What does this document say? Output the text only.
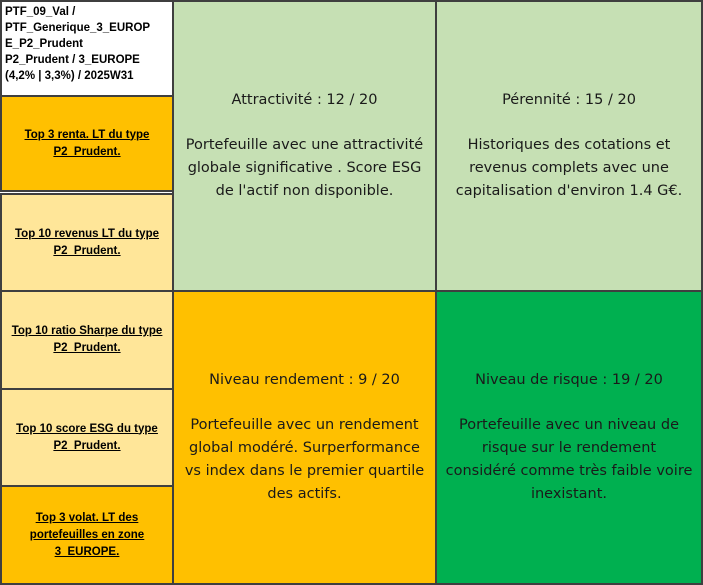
PTF_09_Val /
PTF_Generique_3_EUROP
E_P2_Prudent
P2_Prudent / 3_EUROPE
(4,2% | 3,3%) / 2025W31
Top 3 renta. LT du type P2_Prudent.
Top 10 revenus LT du type P2_Prudent.
Top 10 ratio Sharpe du type P2_Prudent.
Top 10 score ESG du type P2_Prudent.
Top 3 volat. LT des portefeuilles en zone 3_EUROPE.
Attractivité : 12 / 20
Portefeuille avec une attractivité globale significative . Score ESG de l'actif non disponible.
Pérennité : 15 / 20
Historiques des cotations et revenus complets avec une capitalisation d'environ 1.4 G€.
Niveau rendement : 9 / 20
Portefeuille avec un rendement global modéré. Surperformance vs index dans le premier quartile des actifs.
Niveau de risque : 19 / 20
Portefeuille avec un niveau de risque sur le rendement considéré comme très faible voire inexistant.
